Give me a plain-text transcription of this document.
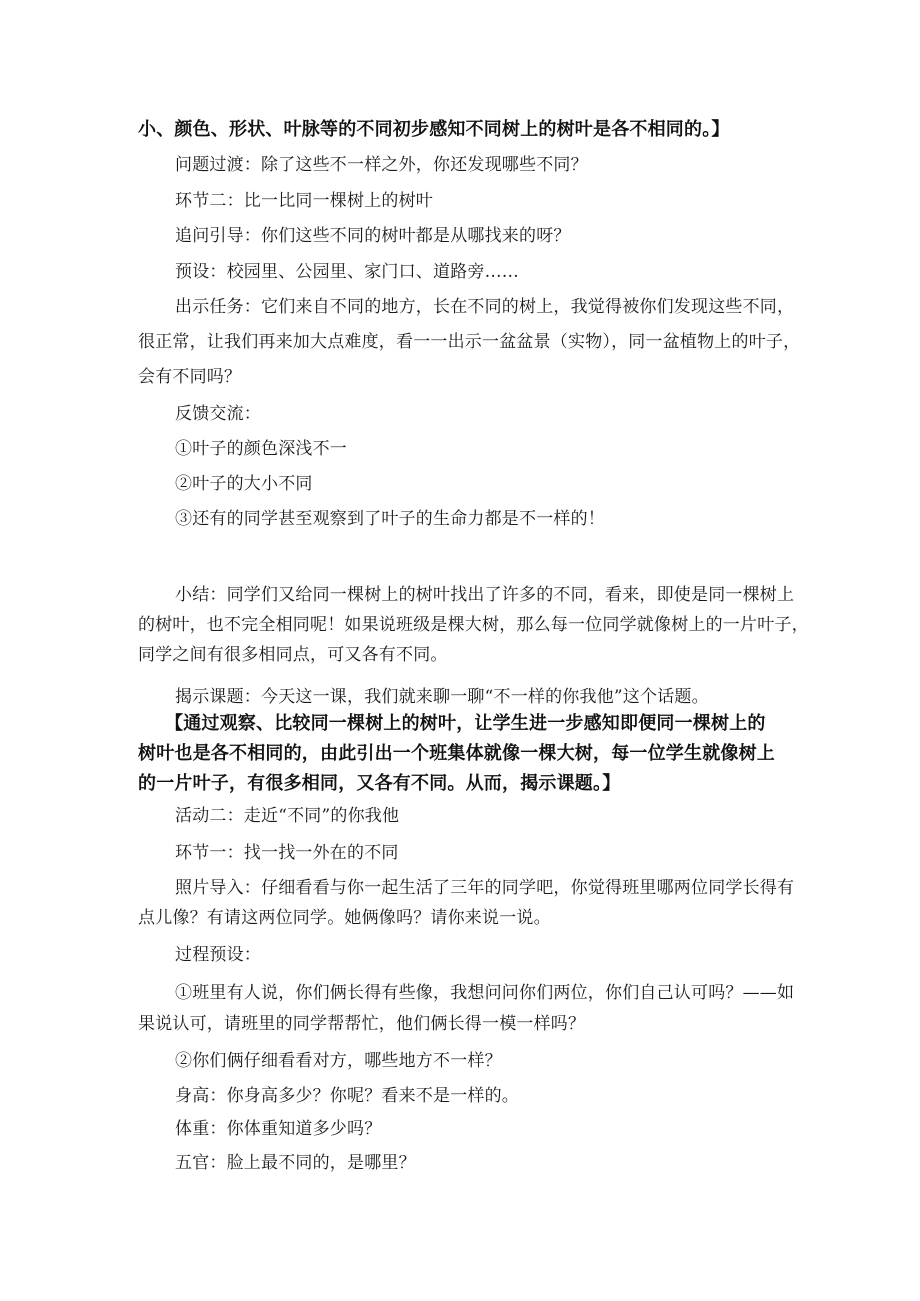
小、颜色、形状、叶脉等的不同初步感知不同树上的树叶是各不相同的。】
问题过渡：除了这些不一样之外，你还发现哪些不同？
环节二：比一比同一棵树上的树叶
追问引导：你们这些不同的树叶都是从哪找来的呀？
预设：校园里、公园里、家门口、道路旁……
出示任务：它们来自不同的地方，长在不同的树上，我觉得被你们发现这些不同，
很正常，让我们再来加大点难度，看一一出示一盆盆景（实物），同一盆植物上的叶子，
会有不同吗？
反馈交流：
①叶子的颜色深浅不一
②叶子的大小不同
③还有的同学甚至观察到了叶子的生命力都是不一样的！
小结：同学们又给同一棵树上的树叶找出了许多的不同，看来，即使是同一棵树上
的树叶，也不完全相同呢！如果说班级是棵大树，那么每一位同学就像树上的一片叶子，
同学之间有很多相同点，可又各有不同。
揭示课题：今天这一课，我们就来聊一聊“不一样的你我他”这个话题。
【通过观察、比较同一棵树上的树叶，让学生进一步感知即便同一棵树上的
树叶也是各不相同的，由此引出一个班集体就像一棵大树，每一位学生就像树上
的一片叶子，有很多相同，又各有不同。从而，揭示课题。】
活动二：走近“不同”的你我他
环节一：找一找一外在的不同
照片导入：仔细看看与你一起生活了三年的同学吧，你觉得班里哪两位同学长得有
点儿像？有请这两位同学。她俩像吗？请你来说一说。
过程预设：
①班里有人说，你们俩长得有些像，我想问问你们两位，你们自己认可吗？——如
果说认可，请班里的同学帮帮忙，他们俩长得一模一样吗？
②你们俩仔细看看对方，哪些地方不一样？
身高：你身高多少？你呢？看来不是一样的。
体重：你体重知道多少吗？
五官：脸上最不同的，是哪里？
